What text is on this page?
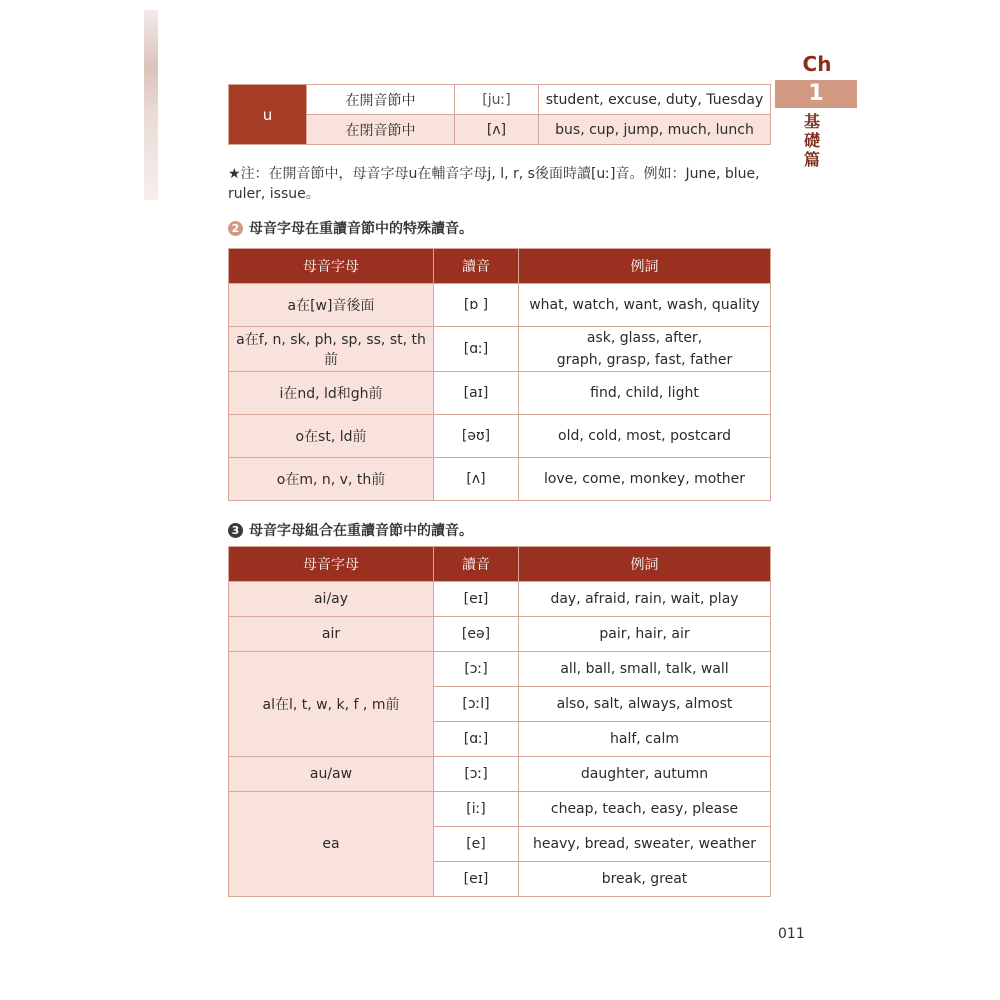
Ch
1
基礎篇
u	在開音節中	[juː]	student, excuse, duty, Tuesday
	在閉音節中	[ʌ]	bus, cup, jump, much, lunch
★注：在開音節中，母音字母u在輔音字母j, l, r, s後面時讀[uː]音。例如：June, blue, ruler, issue。
2 母音字母在重讀音節中的特殊讀音。
母音字母	讀音	例詞
a在[w]音後面	[ɒ ]	what, watch, want, wash, quality
a在f, n, sk, ph, sp, ss, st, th前	[ɑː]	ask, glass, after,
graph, grasp, fast, father

i在nd, ld和gh前	[aɪ]	find, child, light
o在st, ld前	[əʊ]	old, cold, most, postcard
o在m, n, v, th前	[ʌ]	love, come, monkey, mother
3 母音字母組合在重讀音節中的讀音。
母音字母	讀音	例詞
ai/ay	[eɪ]	day, afraid, rain, wait, play
air	[eə]	pair, hair, air
al在l, t, w, k, f , m前	[ɔː]	all, ball, small, talk, wall
	[ɔːl]	also, salt, always, almost
	[ɑː]	half, calm
au/aw	[ɔː]	daughter, autumn
ea	[iː]	cheap, teach, easy, please
	[e]	heavy, bread, sweater, weather
	[eɪ]	break, great
011
